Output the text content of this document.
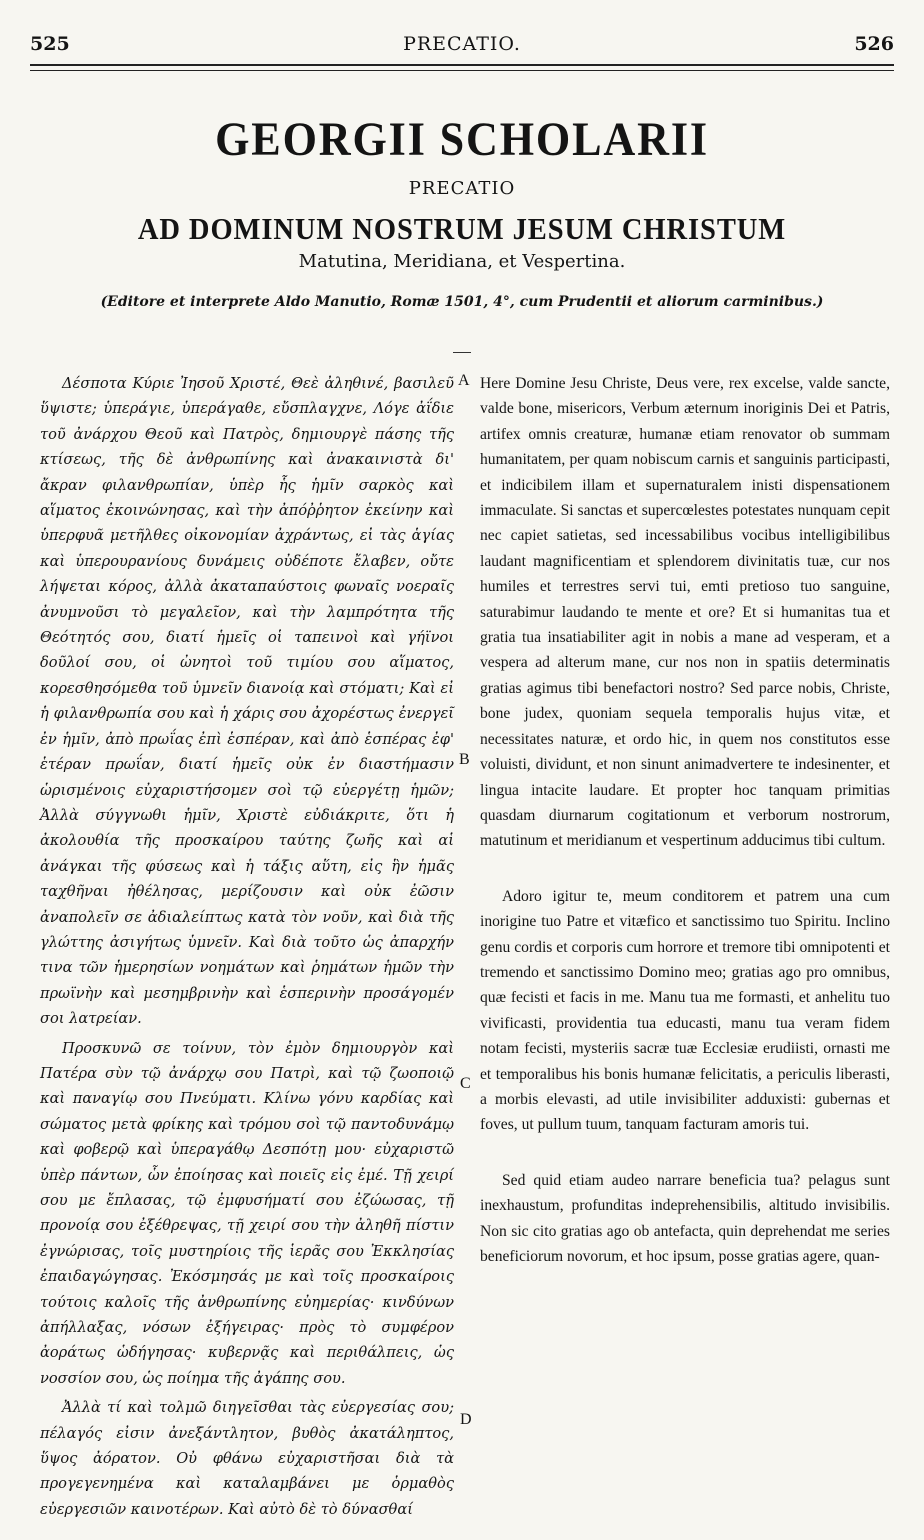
525	PRECATIO.	526
GEORGII SCHOLARII
PRECATIO
AD DOMINUM NOSTRUM JESUM CHRISTUM
Matutina, Meridiana, et Vespertina.
(Editore et interprete Aldo Manutio, Romæ 1501, 4°, cum Prudentii et aliorum carminibus.)

Δέσποτα Κύριε Ἰησοῦ Χριστέ, Θεὲ ἀληθινέ, βασιλεῦ ὕψιστε; ὑπεράγιε, ὑπεράγαθε, εὔσπλαγχνε, Λόγε ἀΐδιε τοῦ ἀνάρχου Θεοῦ καὶ Πατρὸς, δημιουργὲ πάσης τῆς κτίσεως, τῆς δὲ ἀνθρωπίνης καὶ ἀνακαινιστὰ δι' ἄκραν φιλανθρωπίαν, ὑπὲρ ἧς ἡμῖν σαρκὸς καὶ αἵματος ἐκοινώνησας, καὶ τὴν ἀπόῤῥητον ἐκείνην καὶ ὑπερφυᾶ μετῆλθες οἰκονομίαν ἀχράντως, εἰ τὰς ἁγίας καὶ ὑπερουρανίους δυνάμεις οὐδέποτε ἔλαβεν, οὔτε λήψεται κόρος, ἀλλὰ ἀκαταπαύστοις φωναῖς νοεραῖς ἀνυμνοῦσι τὸ μεγαλεῖον, καὶ τὴν λαμπρότητα τῆς Θεότητός σου, διατί ἡμεῖς οἱ ταπεινοὶ καὶ γήϊνοι δοῦλοί σου, οἱ ὠνητοὶ τοῦ τιμίου σου αἵματος, κορεσθησόμεθα τοῦ ὑμνεῖν διανοίᾳ καὶ στόματι; Καὶ εἰ ἡ φιλανθρωπία σου καὶ ἡ χάρις σου ἀχορέστως ἐνεργεῖ ἐν ἡμῖν, ἀπὸ πρωΐας ἐπὶ ἑσπέραν, καὶ ἀπὸ ἑσπέρας ἐφ' ἑτέραν πρωΐαν, διατί ἡμεῖς οὐκ ἐν διαστήμασιν ὡρισμένοις εὐχαριστήσομεν σοὶ τῷ εὐεργέτῃ ἡμῶν; Ἀλλὰ σύγγνωθι ἡμῖν, Χριστὲ εὐδιάκριτε, ὅτι ἡ ἀκολουθία τῆς προσκαίρου ταύτης ζωῆς καὶ αἱ ἀνάγκαι τῆς φύσεως καὶ ἡ τάξις αὕτη, εἰς ἣν ἡμᾶς ταχθῆναι ἠθέλησας, μερίζουσιν καὶ οὐκ ἐῶσιν ἀναπολεῖν σε ἀδιαλείπτως κατὰ τὸν νοῦν, καὶ διὰ τῆς γλώττης ἀσιγήτως ὑμνεῖν. Καὶ διὰ τοῦτο ὡς ἀπαρχήν τινα τῶν ἡμερησίων νοημάτων καὶ ῥημάτων ἡμῶν τὴν πρωϊνὴν καὶ μεσημβρινὴν καὶ ἑσπερινὴν προσάγομέν σοι λατρείαν.

Προσκυνῶ σε τοίνυν, τὸν ἐμὸν δημιουργὸν καὶ Πατέρα σὺν τῷ ἀνάρχῳ σου Πατρὶ, καὶ τῷ ζωοποιῷ καὶ παναγίῳ σου Πνεύματι. Κλίνω γόνυ καρδίας καὶ σώματος μετὰ φρίκης καὶ τρόμου σοὶ τῷ παντοδυνάμῳ καὶ φοβερῷ καὶ ὑπεραγάθῳ Δεσπότῃ μου· εὐχαριστῶ ὑπὲρ πάντων, ὧν ἐποίησας καὶ ποιεῖς εἰς ἐμέ. Τῇ χειρί σου με ἔπλασας, τῷ ἐμφυσήματί σου ἐζώωσας, τῇ προνοίᾳ σου ἐξέθρεψας, τῇ χειρί σου τὴν ἀληθῆ πίστιν ἐγνώρισας, τοῖς μυστηρίοις τῆς ἱερᾶς σου Ἐκκλησίας ἐπαιδαγώγησας. Ἐκόσμησάς με καὶ τοῖς προσκαίροις τούτοις καλοῖς τῆς ἀνθρωπίνης εὐημερίας· κινδύνων ἀπήλλαξας, νόσων ἐξήγειρας· πρὸς τὸ συμφέρον ἀοράτως ὡδήγησας· κυβερνᾷς καὶ περιθάλπεις, ὡς νοσσίον σου, ὡς ποίημα τῆς ἀγάπης σου.

Ἀλλὰ τί καὶ τολμῶ διηγεῖσθαι τὰς εὐεργεσίας σου; πέλαγός εἰσιν ἀνεξάντλητον, βυθὸς ἀκατάληπτος, ὕψος ἀόρατον. Οὐ φθάνω εὐχαριστῆσαι διὰ τὰ προγεγενημένα καὶ καταλαμβάνει με ὁρμαθὸς εὐεργεσιῶν καινοτέρων. Καὶ αὐτὸ δὲ τὸ δύνασθαί

A
B
C
D

Here Domine Jesu Christe, Deus vere, rex excelse, valde sancte, valde bone, misericors, Verbum æternum inoriginis Dei et Patris, artifex omnis creaturæ, humanæ etiam renovator ob summam humanitatem, per quam nobiscum carnis et sanguinis participasti, et indicibilem illam et supernaturalem inisti dispensationem immaculate. Si sanctas et supercœlestes potestates nunquam cepit nec capiet satietas, sed incessabilibus vocibus intelligibilibus laudant magnificentiam et splendorem divinitatis tuæ, cur nos humiles et terrestres servi tui, emti pretioso tuo sanguine, saturabimur laudando te mente et ore? Et si humanitas tua et gratia tua insatiabiliter agit in nobis a mane ad vesperam, et a vespera ad alterum mane, cur nos non in spatiis determinatis gratias agimus tibi benefactori nostro? Sed parce nobis, Christe, bone judex, quoniam sequela temporalis hujus vitæ, et necessitates naturæ, et ordo hic, in quem nos constitutos esse voluisti, dividunt, et non sinunt animadvertere te indesinenter, et lingua intacite laudare. Et propter hoc tanquam primitias quasdam diurnarum cogitationum et verborum nostrorum, matutinum et meridianum et vespertinum adducimus tibi cultum.

Adoro igitur te, meum conditorem et patrem una cum inorigine tuo Patre et vitæfico et sanctissimo tuo Spiritu. Inclino genu cordis et corporis cum horrore et tremore tibi omnipotenti et tremendo et sanctissimo Domino meo; gratias ago pro omnibus, quæ fecisti et facis in me. Manu tua me formasti, et anhelitu tuo vivificasti, providentia tua educasti, manu tua veram fidem notam fecisti, mysteriis sacræ tuæ Ecclesiæ erudiisti, ornasti me et temporalibus his bonis humanæ felicitatis, a periculis liberasti, a morbis elevasti, ad utile invisibiliter adduxisti: gubernas et foves, ut pullum tuum, tanquam facturam amoris tui.

Sed quid etiam audeo narrare beneficia tua? pelagus sunt inexhaustum, profunditas indeprehensibilis, altitudo invisibilis. Non sic cito gratias ago ob antefacta, quin deprehendat me series beneficiorum novorum, et hoc ipsum, posse gratias agere, quan-
